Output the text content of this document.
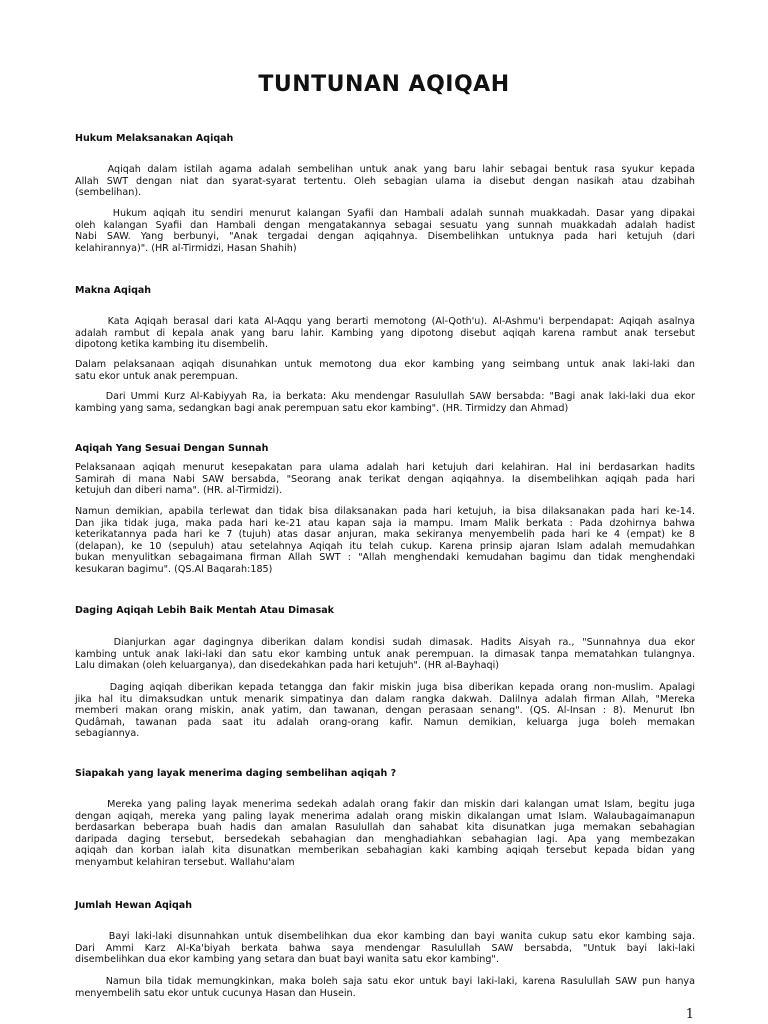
TUNTUNAN AQIQAH

Hukum Melaksanakan Aqiqah

Aqiqah dalam istilah agama adalah sembelihan untuk anak yang baru lahir sebagai bentuk rasa syukur kepada
Allah SWT dengan niat dan syarat-syarat tertentu. Oleh sebagian ulama ia disebut dengan nasikah atau dzabihah
(sembelihan).
Hukum aqiqah itu sendiri menurut kalangan Syafii dan Hambali adalah sunnah muakkadah. Dasar yang dipakai
oleh kalangan Syafii dan Hambali dengan mengatakannya sebagai sesuatu yang sunnah muakkadah adalah hadist
Nabi SAW. Yang berbunyi, "Anak tergadai dengan aqiqahnya. Disembelihkan untuknya pada hari ketujuh (dari
kelahirannya)". (HR al-Tirmidzi, Hasan Shahih)

Makna Aqiqah

Kata Aqiqah berasal dari kata Al-Aqqu yang berarti memotong (Al-Qoth'u). Al-Ashmu'i berpendapat: Aqiqah asalnya
adalah rambut di kepala anak yang baru lahir. Kambing yang dipotong disebut aqiqah karena rambut anak tersebut
dipotong ketika kambing itu disembelih.
Dalam pelaksanaan aqiqah disunahkan untuk memotong dua ekor kambing yang seimbang untuk anak laki-laki dan
satu ekor untuk anak perempuan.
Dari Ummi Kurz Al-Kabiyyah Ra, ia berkata: Aku mendengar Rasulullah SAW bersabda: "Bagi anak laki-laki dua ekor
kambing yang sama, sedangkan bagi anak perempuan satu ekor kambing". (HR. Tirmidzy dan Ahmad)

Aqiqah Yang Sesuai Dengan Sunnah

Pelaksanaan aqiqah menurut kesepakatan para ulama adalah hari ketujuh dari kelahiran. Hal ini berdasarkan hadits
Samirah di mana Nabi SAW bersabda, "Seorang anak terikat dengan aqiqahnya. Ia disembelihkan aqiqah pada hari
ketujuh dan diberi nama". (HR. al-Tirmidzi).
Namun demikian, apabila terlewat dan tidak bisa dilaksanakan pada hari ketujuh, ia bisa dilaksanakan pada hari ke-14.
Dan jika tidak juga, maka pada hari ke-21 atau kapan saja ia mampu. Imam Malik berkata : Pada dzohirnya bahwa
keterikatannya pada hari ke 7 (tujuh) atas dasar anjuran, maka sekiranya menyembelih pada hari ke 4 (empat) ke 8
(delapan), ke 10 (sepuluh) atau setelahnya Aqiqah itu telah cukup. Karena prinsip ajaran Islam adalah memudahkan
bukan menyulitkan sebagaimana firman Allah SWT : "Allah menghendaki kemudahan bagimu dan tidak menghendaki
kesukaran bagimu". (QS.Al Baqarah:185)

Daging Aqiqah Lebih Baik Mentah Atau Dimasak

Dianjurkan agar dagingnya diberikan dalam kondisi sudah dimasak. Hadits Aisyah ra., "Sunnahnya dua ekor
kambing untuk anak laki-laki dan satu ekor kambing untuk anak perempuan. Ia dimasak tanpa mematahkan tulangnya.
Lalu dimakan (oleh keluarganya), dan disedekahkan pada hari ketujuh". (HR al-Bayhaqi)
Daging aqiqah diberikan kepada tetangga dan fakir miskin juga bisa diberikan kepada orang non-muslim. Apalagi
jika hal itu dimaksudkan untuk menarik simpatinya dan dalam rangka dakwah. Dalilnya adalah firman Allah, "Mereka
memberi makan orang miskin, anak yatim, dan tawanan, dengan perasaan senang". (QS. Al-Insan : 8). Menurut Ibn
Qudâmah, tawanan pada saat itu adalah orang-orang kafir. Namun demikian, keluarga juga boleh memakan
sebagiannya.

Siapakah yang layak menerima daging sembelihan aqiqah ?

Mereka yang paling layak menerima sedekah adalah orang fakir dan miskin dari kalangan umat Islam, begitu juga
dengan aqiqah, mereka yang paling layak menerima adalah orang miskin dikalangan umat Islam. Walaubagaimanapun
berdasarkan beberapa buah hadis dan amalan Rasulullah dan sahabat kita disunatkan juga memakan sebahagian
daripada daging tersebut, bersedekah sebahagian dan menghadiahkan sebahagian lagi. Apa yang membezakan
aqiqah dan korban ialah kita disunatkan memberikan sebahagian kaki kambing aqiqah tersebut kepada bidan yang
menyambut kelahiran tersebut. Wallahu'alam

Jumlah Hewan Aqiqah

Bayi laki-laki disunnahkan untuk disembelihkan dua ekor kambing dan bayi wanita cukup satu ekor kambing saja.
Dari Ammi Karz Al-Ka'biyah berkata bahwa saya mendengar Rasulullah SAW bersabda, "Untuk bayi laki-laki
disembelihkan dua ekor kambing yang setara dan buat bayi wanita satu ekor kambing".
Namun bila tidak memungkinkan, maka boleh saja satu ekor untuk bayi laki-laki, karena Rasulullah SAW pun hanya
menyembelih satu ekor untuk cucunya Hasan dan Husein.
1
